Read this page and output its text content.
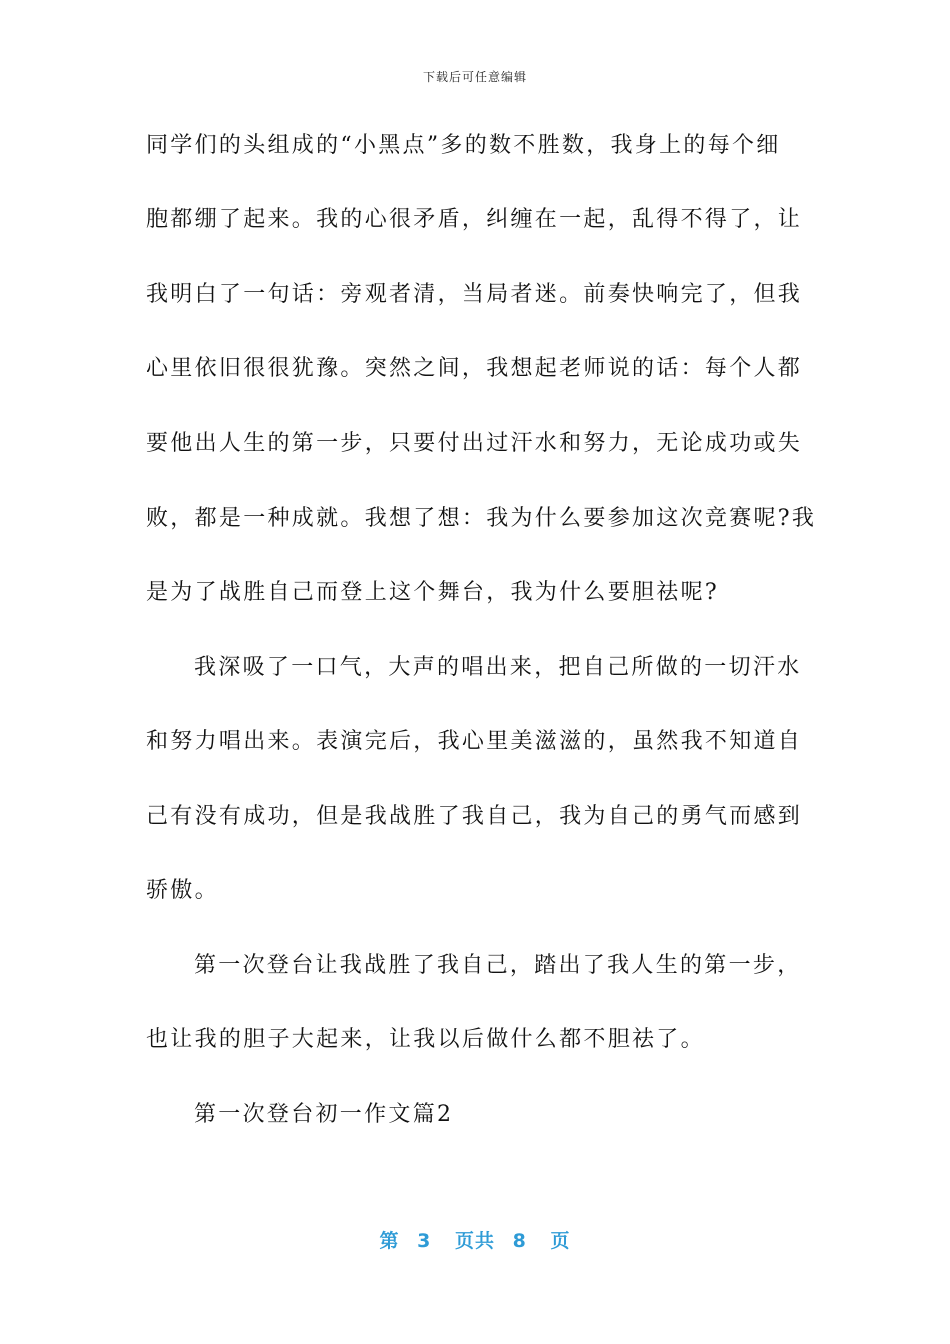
下载后可任意编辑
同学们的头组成的“小黑点”多的数不胜数，我身上的每个细
胞都绷了起来。我的心很矛盾，纠缠在一起，乱得不得了，让
我明白了一句话：旁观者清，当局者迷。前奏快响完了，但我
心里依旧很很犹豫。突然之间，我想起老师说的话：每个人都
要他出人生的第一步，只要付出过汗水和努力，无论成功或失
败，都是一种成就。我想了想：我为什么要参加这次竞赛呢?我
是为了战胜自己而登上这个舞台，我为什么要胆祛呢?
我深吸了一口气，大声的唱出来，把自己所做的一切汗水
和努力唱出来。表演完后，我心里美滋滋的，虽然我不知道自
己有没有成功，但是我战胜了我自己，我为自己的勇气而感到
骄傲。
第一次登台让我战胜了我自己，踏出了我人生的第一步，
也让我的胆子大起来，让我以后做什么都不胆祛了。
第一次登台初一作文篇2
第 3 页共 8 页
